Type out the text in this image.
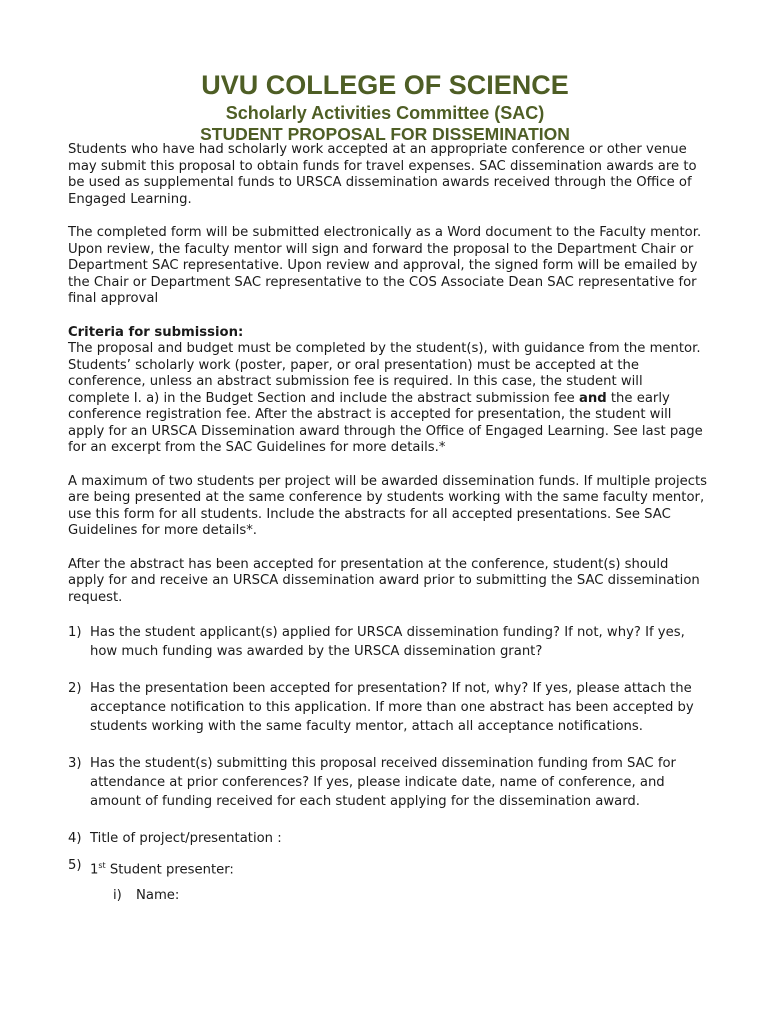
UVU COLLEGE OF SCIENCE
Scholarly Activities Committee (SAC)
STUDENT PROPOSAL FOR DISSEMINATION

Students who have had scholarly work accepted at an appropriate conference or other venue may submit this proposal to obtain funds for travel expenses. SAC dissemination awards are to be used as supplemental funds to URSCA dissemination awards received through the Office of Engaged Learning.

The completed form will be submitted electronically as a Word document to the Faculty mentor. Upon review, the faculty mentor will sign and forward the proposal to the Department Chair or Department SAC representative. Upon review and approval, the signed form will be emailed by the Chair or Department SAC representative to the COS Associate Dean SAC representative for final approval

Criteria for submission:
The proposal and budget must be completed by the student(s), with guidance from the mentor. Students’ scholarly work (poster, paper, or oral presentation) must be accepted at the conference, unless an abstract submission fee is required. In this case, the student will complete I. a) in the Budget Section and include the abstract submission fee and the early conference registration fee. After the abstract is accepted for presentation, the student will apply for an URSCA Dissemination award through the Office of Engaged Learning. See last page for an excerpt from the SAC Guidelines for more details.*

A maximum of two students per project will be awarded dissemination funds. If multiple projects are being presented at the same conference by students working with the same faculty mentor, use this form for all students. Include the abstracts for all accepted presentations. See SAC Guidelines for more details*.

After the abstract has been accepted for presentation at the conference, student(s) should apply for and receive an URSCA dissemination award prior to submitting the SAC dissemination request.

1) Has the student applicant(s) applied for URSCA dissemination funding? If not, why? If yes, how much funding was awarded by the URSCA dissemination grant?
2) Has the presentation been accepted for presentation? If not, why? If yes, please attach the acceptance notification to this application. If more than one abstract has been accepted by students working with the same faculty mentor, attach all acceptance notifications.
3) Has the student(s) submitting this proposal received dissemination funding from SAC for attendance at prior conferences? If yes, please indicate date, name of conference, and amount of funding received for each student applying for the dissemination award.
4) Title of project/presentation :
5) 1st Student presenter:
i) Name:
